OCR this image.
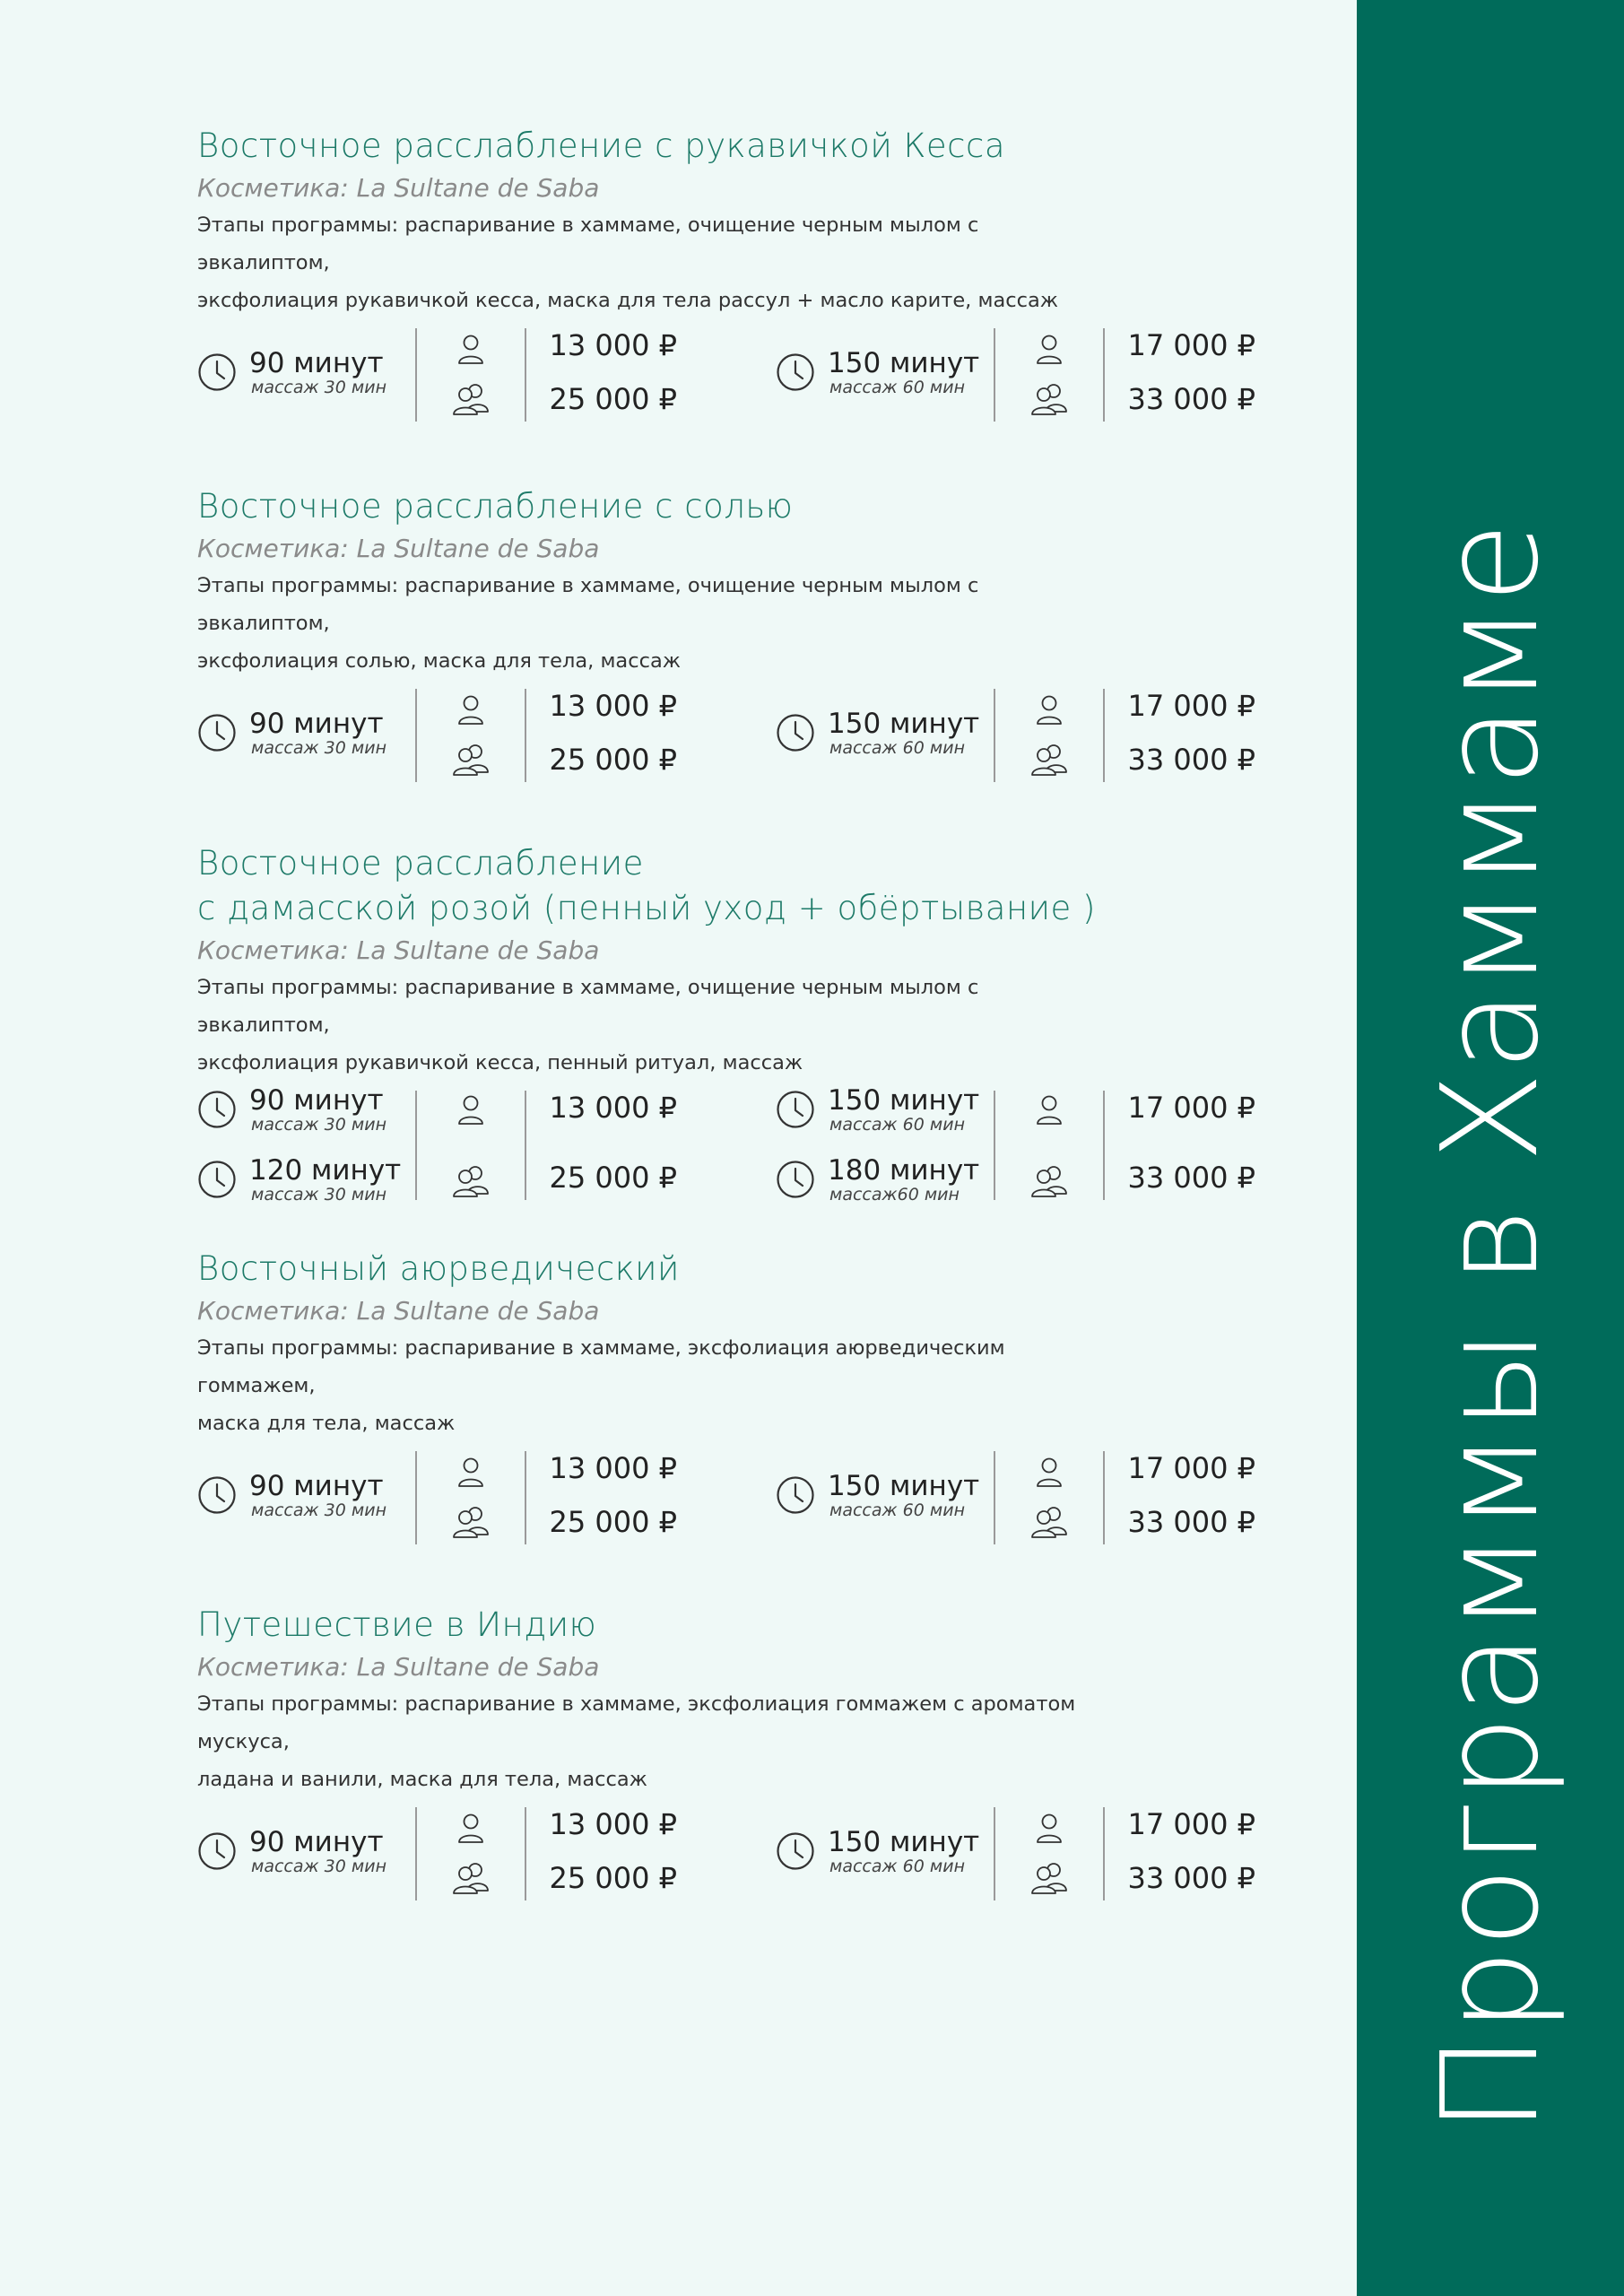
Программы в Хаммаме
Восточное расслабление с рукавичкой Кесса
Косметика: La Sultane de Saba
Этапы программы: распаривание в хаммаме, очищение черным мылом с эвкалиптом,
эксфолиация рукавичкой кесса, маска для тела рассул + масло карите, массаж
90 минут
массаж 30 мин
13 000 ₽
25 000 ₽
150 минут
массаж 60 мин
17 000 ₽
33 000 ₽
Восточное расслабление с солью
Косметика: La Sultane de Saba
Этапы программы: распаривание в хаммаме, очищение черным мылом с эвкалиптом,
эксфолиация солью, маска для тела, массаж
90 минут
массаж 30 мин
13 000 ₽
25 000 ₽
150 минут
массаж 60 мин
17 000 ₽
33 000 ₽
Восточное расслабление
с дамасской розой (пенный уход + обёртывание )
Косметика: La Sultane de Saba
Этапы программы: распаривание в хаммаме, очищение черным мылом с эвкалиптом,
эксфолиация рукавичкой кесса, пенный ритуал, массаж
90 минут
массаж 30 мин
120 минут
массаж 30 мин
13 000 ₽
25 000 ₽
150 минут
массаж 60 мин
180 минут
массаж60 мин
17 000 ₽
33 000 ₽
Восточный аюрведический
Косметика: La Sultane de Saba
Этапы программы: распаривание в хаммаме, эксфолиация аюрведическим гоммажем,
маска для тела, массаж
90 минут
массаж 30 мин
13 000 ₽
25 000 ₽
150 минут
массаж 60 мин
17 000 ₽
33 000 ₽
Путешествие в Индию
Косметика: La Sultane de Saba
Этапы программы: распаривание в хаммаме, эксфолиация гоммажем с ароматом мускуса,
ладана и ванили, маска для тела, массаж
90 минут
массаж 30 мин
13 000 ₽
25 000 ₽
150 минут
массаж 60 мин
17 000 ₽
33 000 ₽
